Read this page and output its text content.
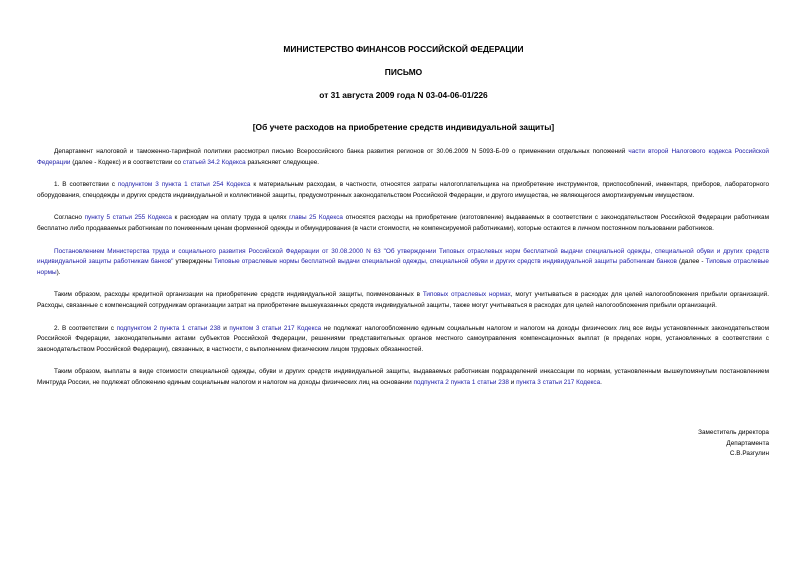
МИНИСТЕРСТВО ФИНАНСОВ РОССИЙСКОЙ ФЕДЕРАЦИИ
ПИСЬМО
от 31 августа 2009 года N 03-04-06-01/226
[Об учете расходов на приобретение средств индивидуальной защиты]

Департамент налоговой и таможенно-тарифной политики рассмотрел письмо Всероссийского банка развития регионов от 30.06.2009 N 5093-Б-09 о применении отдельных положений части второй Налогового кодекса Российской Федерации (далее - Кодекс) и в соответствии со статьей 34.2 Кодекса разъясняет следующее.

1. В соответствии с подпунктом 3 пункта 1 статьи 254 Кодекса к материальным расходам, в частности, относятся затраты налогоплательщика на приобретение инструментов, приспособлений, инвентаря, приборов, лабораторного оборудования, спецодежды и других средств индивидуальной и коллективной защиты, предусмотренных законодательством Российской Федерации, и другого имущества, не являющегося амортизируемым имуществом.

Согласно пункту 5 статьи 255 Кодекса к расходам на оплату труда в целях главы 25 Кодекса относятся расходы на приобретение (изготовление) выдаваемых в соответствии с законодательством Российской Федерации работникам бесплатно либо продаваемых работникам по пониженным ценам форменной одежды и обмундирования (в части стоимости, не компенсируемой работниками), которые остаются в личном постоянном пользовании работников.

Постановлением Министерства труда и социального развития Российской Федерации от 30.08.2000 N 63 "Об утверждении Типовых отраслевых норм бесплатной выдачи специальной одежды, специальной обуви и других средств индивидуальной защиты работникам банков" утверждены Типовые отраслевые нормы бесплатной выдачи специальной одежды, специальной обуви и других средств индивидуальной защиты работникам банков (далее - Типовые отраслевые нормы).

Таким образом, расходы кредитной организации на приобретение средств индивидуальной защиты, поименованных в Типовых отраслевых нормах, могут учитываться в расходах для целей налогообложения прибыли организаций. Расходы, связанные с компенсацией сотрудникам организации затрат на приобретение вышеуказанных средств индивидуальной защиты, также могут учитываться в расходах для целей налогообложения прибыли организаций.

2. В соответствии с подпунктом 2 пункта 1 статьи 238 и пунктом 3 статьи 217 Кодекса не подлежат налогообложению единым социальным налогом и налогом на доходы физических лиц все виды установленных законодательством Российской Федерации, законодательными актами субъектов Российской Федерации, решениями представительных органов местного самоуправления компенсационных выплат (в пределах норм, установленных в соответствии с законодательством Российской Федерации), связанных, в частности, с выполнением физическим лицом трудовых обязанностей.

Таким образом, выплаты в виде стоимости специальной одежды, обуви и других средств индивидуальной защиты, выдаваемых работникам подразделений инкассации по нормам, установленным вышеупомянутым постановлением Минтруда России, не подлежат обложению единым социальным налогом и налогом на доходы физических лиц на основании подпункта 2 пункта 1 статьи 238 и пункта 3 статьи 217 Кодекса.

Заместитель директора
Департамента
С.В.Разгулин
